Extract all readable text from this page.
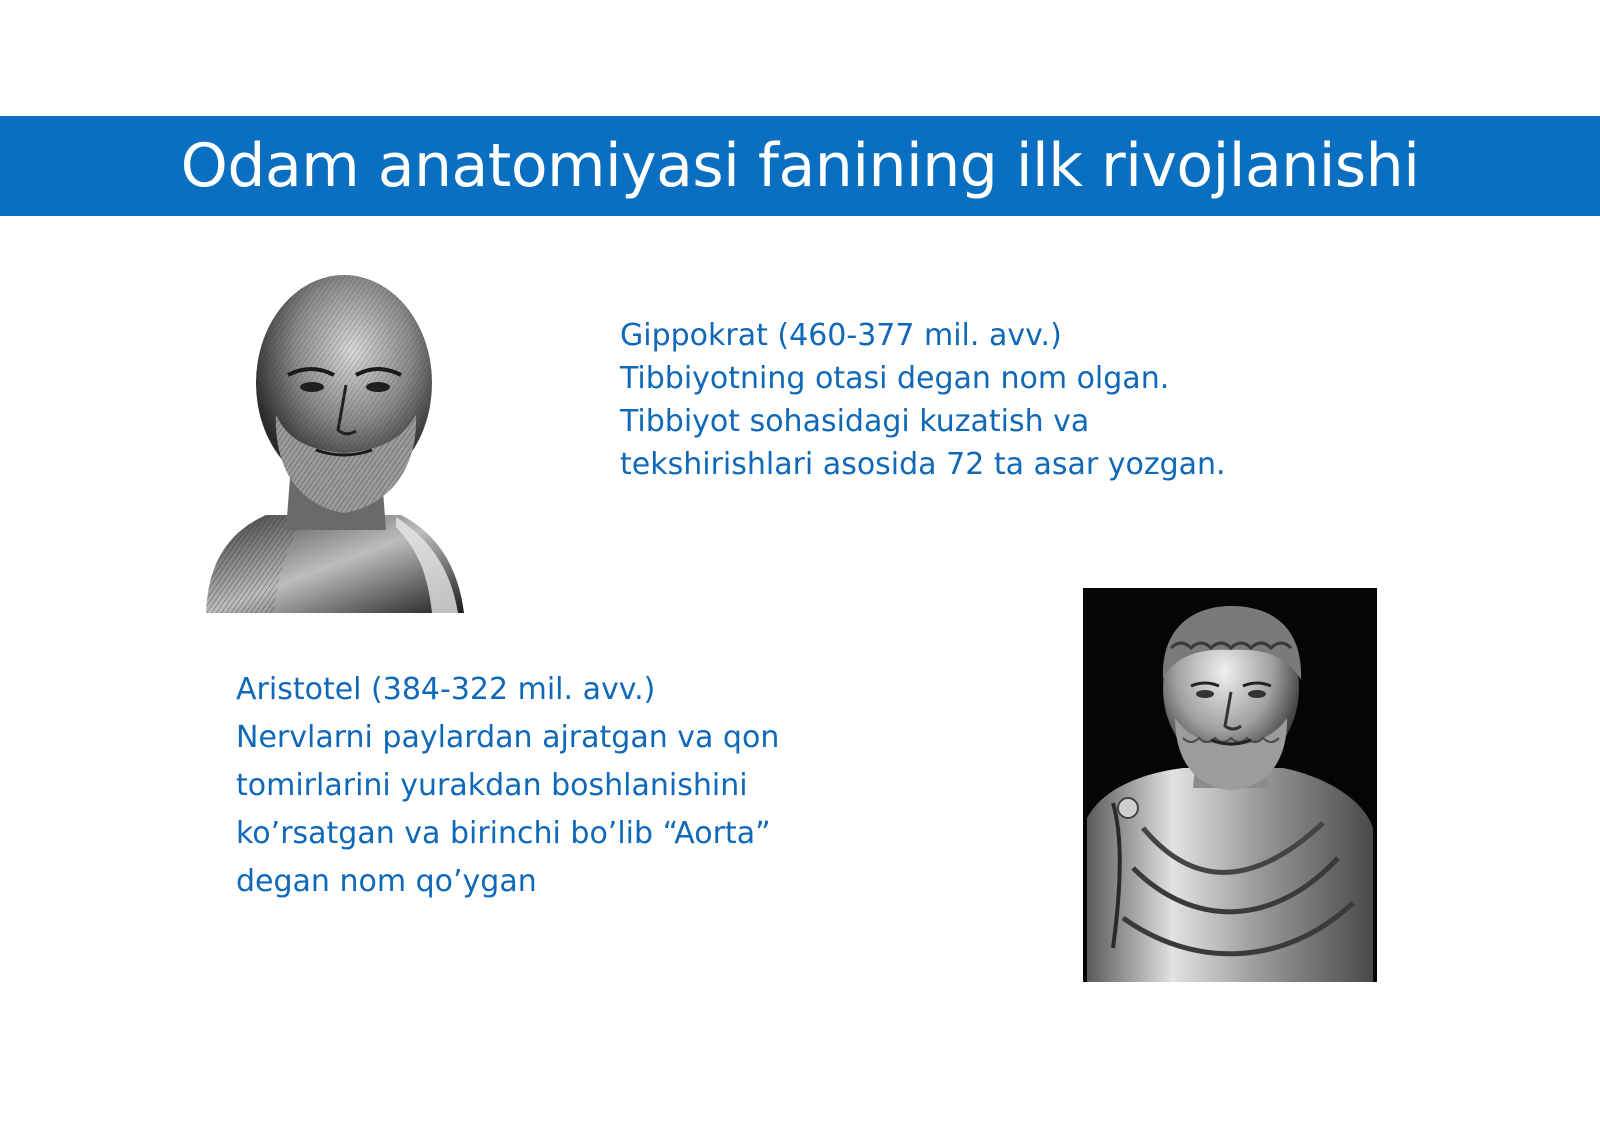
Odam anatomiyasi fanining ilk rivojlanishi
Gippokrat (460-377 mil. avv.)
Tibbiyotning otasi degan nom olgan.
Tibbiyot sohasidagi kuzatish va
tekshirishlari asosida 72 ta asar yozgan.
Aristotel (384-322 mil. avv.)
Nervlarni paylardan ajratgan va qon
tomirlarini yurakdan boshlanishini
ko’rsatgan va birinchi bo’lib “Aorta”
degan nom qo’ygan
